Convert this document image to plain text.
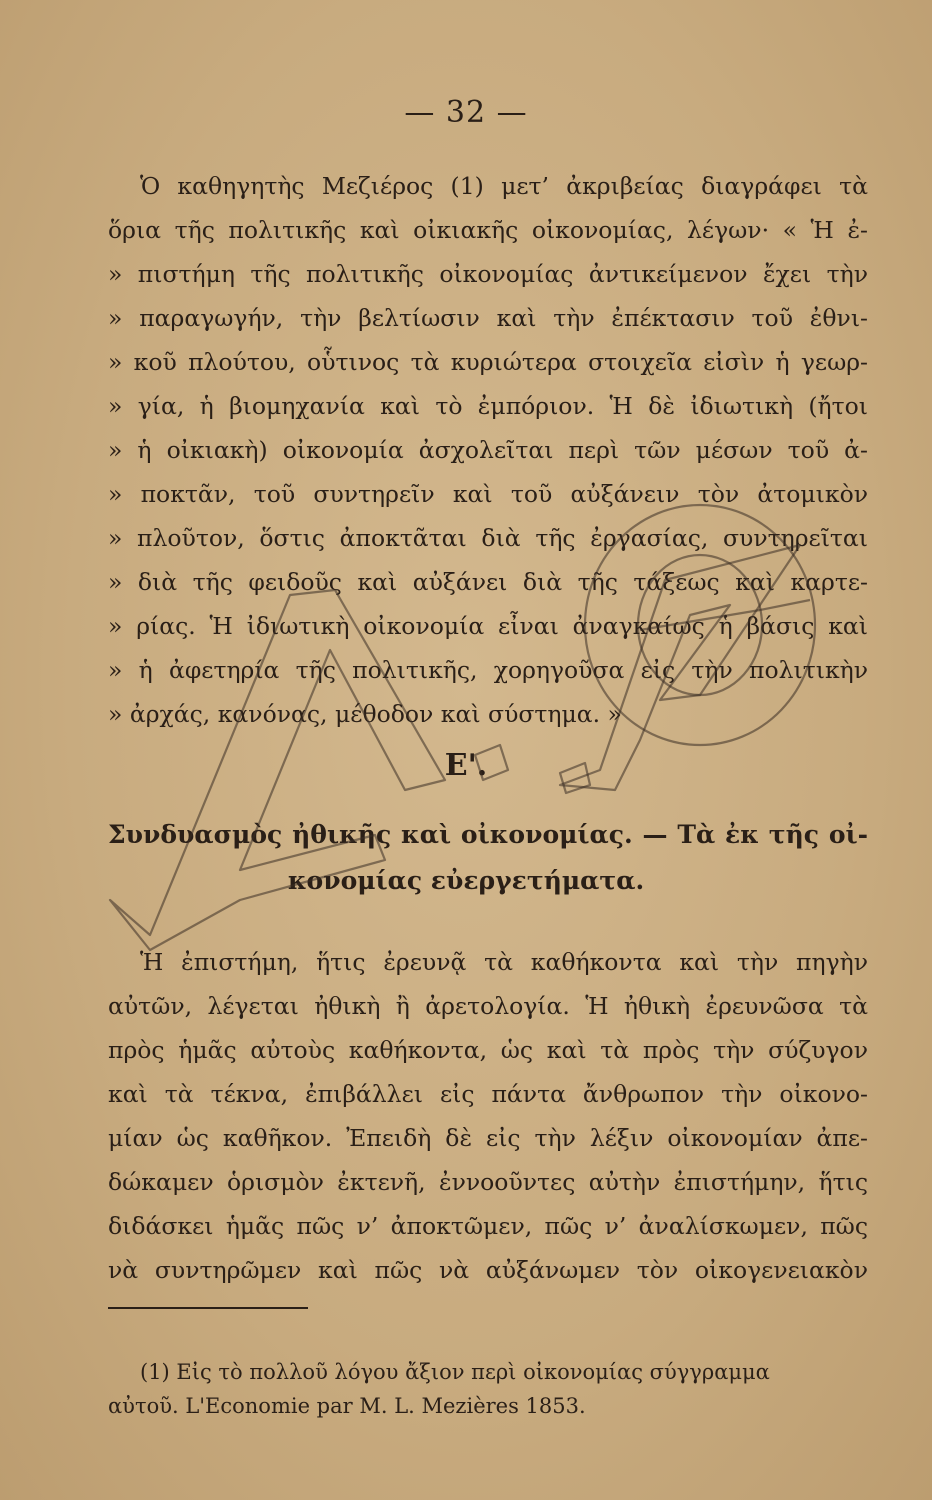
— 32 —
Ὁ καθηγητὴς Μεζιέρος (1) μετ’ ἀκριβείας διαγράφει τὰ
ὅρια τῆς πολιτικῆς καὶ οἰκιακῆς οἰκονομίας, λέγων· « Ἡ ἐ-
» πιστήμη τῆς πολιτικῆς οἰκονομίας ἀντικείμενον ἔχει τὴν
» παραγωγήν, τὴν βελτίωσιν καὶ τὴν ἐπέκτασιν τοῦ ἐθνι-
» κοῦ πλούτου, οὗτινος τὰ κυριώτερα στοιχεῖα εἰσὶν ἡ γεωρ-
» γία, ἡ βιομηχανία καὶ τὸ ἐμπόριον. Ἡ δὲ ἰδιωτικὴ (ἤτοι
» ἡ οἰκιακὴ) οἰκονομία ἀσχολεῖται περὶ τῶν μέσων τοῦ ἀ-
» ποκτᾶν, τοῦ συντηρεῖν καὶ τοῦ αὐξάνειν τὸν ἀτομικὸν
» πλοῦτον, ὅστις ἀποκτᾶται διὰ τῆς ἐργασίας, συντηρεῖται
» διὰ τῆς φειδοῦς καὶ αὐξάνει διὰ τῆς τάξεως καὶ καρτε-
» ρίας. Ἡ ἰδιωτικὴ οἰκονομία εἶναι ἀναγκαίως ἡ βάσις καὶ
» ἡ ἀφετηρία τῆς πολιτικῆς, χορηγοῦσα εἰς τὴν πολιτικὴν
» ἀρχάς, κανόνας, μέθοδον καὶ σύστημα. »
Ε'.
Συνδυασμὸς ἠθικῆς καὶ οἰκονομίας. — Τὰ ἐκ τῆς οἰ-
κονομίας εὐεργετήματα.
Ἡ ἐπιστήμη, ἥτις ἐρευνᾷ τὰ καθήκοντα καὶ τὴν πηγὴν
αὐτῶν, λέγεται ἠθικὴ ἢ ἀρετολογία. Ἡ ἠθικὴ ἐρευνῶσα τὰ
πρὸς ἡμᾶς αὐτοὺς καθήκοντα, ὡς καὶ τὰ πρὸς τὴν σύζυγον
καὶ τὰ τέκνα, ἐπιβάλλει εἰς πάντα ἄνθρωπον τὴν οἰκονο-
μίαν ὡς καθῆκον. Ἐπειδὴ δὲ εἰς τὴν λέξιν οἰκονομίαν ἀπε-
δώκαμεν ὁρισμὸν ἐκτενῆ, ἐννοοῦντες αὐτὴν ἐπιστήμην, ἥτις
διδάσκει ἡμᾶς πῶς ν’ ἀποκτῶμεν, πῶς ν’ ἀναλίσκωμεν, πῶς
νὰ συντηρῶμεν καὶ πῶς νὰ αὐξάνωμεν τὸν οἰκογενειακὸν
(1) Εἰς τὸ πολλοῦ λόγου ἄξιον περὶ οἰκονομίας σύγγραμμα
αὐτοῦ. L'Economie par M. L. Mezières 1853.
